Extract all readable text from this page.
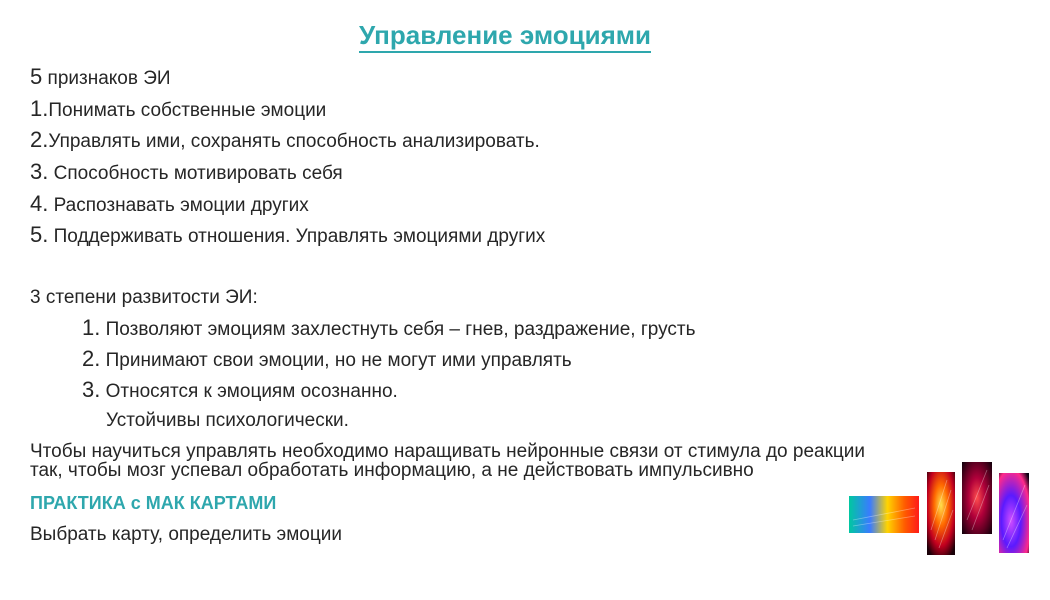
Управление эмоциями
5 признаков ЭИ
1.Понимать собственные эмоции
2.Управлять ими, сохранять способность анализировать.
3. Способность мотивировать себя
4. Распознавать эмоции других
5. Поддерживать отношения. Управлять эмоциями других
3 степени развитости ЭИ:
1. Позволяют эмоциям захлестнуть себя – гнев, раздражение, грусть
2. Принимают свои эмоции, но не могут ими управлять
3. Относятся к эмоциям осознанно.
Устойчивы психологически.
Чтобы научиться управлять необходимо наращивать нейронные связи от стимула до реакции
так, чтобы мозг успевал обработать информацию, а не действовать импульсивно
ПРАКТИКА с МАК КАРТАМИ
Выбрать карту, определить эмоции
